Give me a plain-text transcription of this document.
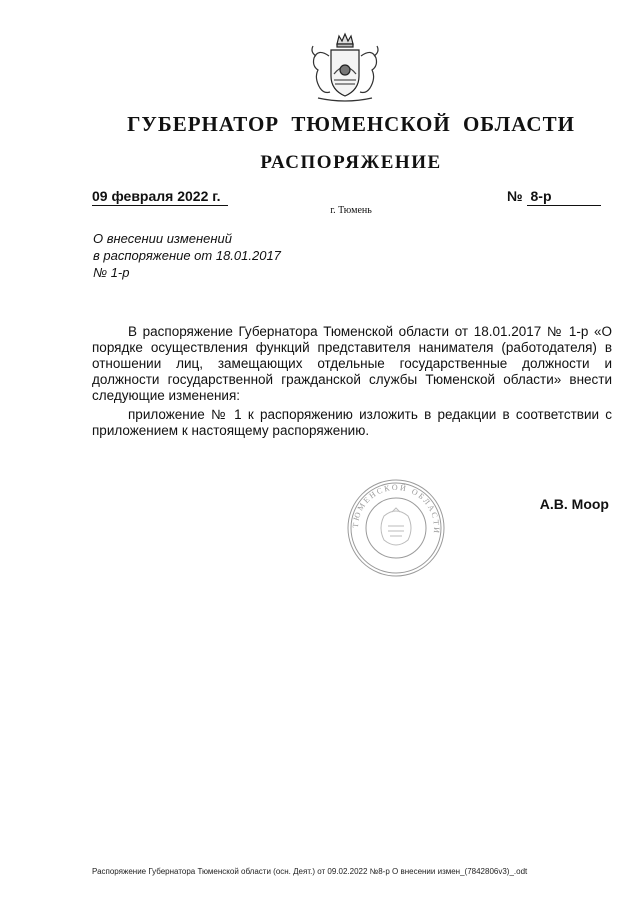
ГУБЕРНАТОР ТЮМЕНСКОЙ ОБЛАСТИ
РАСПОРЯЖЕНИЕ
09 февраля 2022 г.	№ 8-р
г. Тюмень
О внесении изменений
в распоряжение от 18.01.2017
№ 1-р

В распоряжение Губернатора Тюменской области от 18.01.2017 № 1-р «О порядке осуществления функций представителя нанимателя (работодателя) в отношении лиц, замещающих отдельные государственные должности и должности государственной гражданской службы Тюменской области» внести следующие изменения:

приложение № 1 к распоряжению изложить в редакции в соответствии с приложением к настоящему распоряжению.

ТЮМЕНСКОЙ ОБЛАСТИ
А.В. Моор
Распоряжение Губернатора Тюменской области (осн. Деят.) от 09.02.2022 №8-р О внесении измен_(7842806v3)_.odt
